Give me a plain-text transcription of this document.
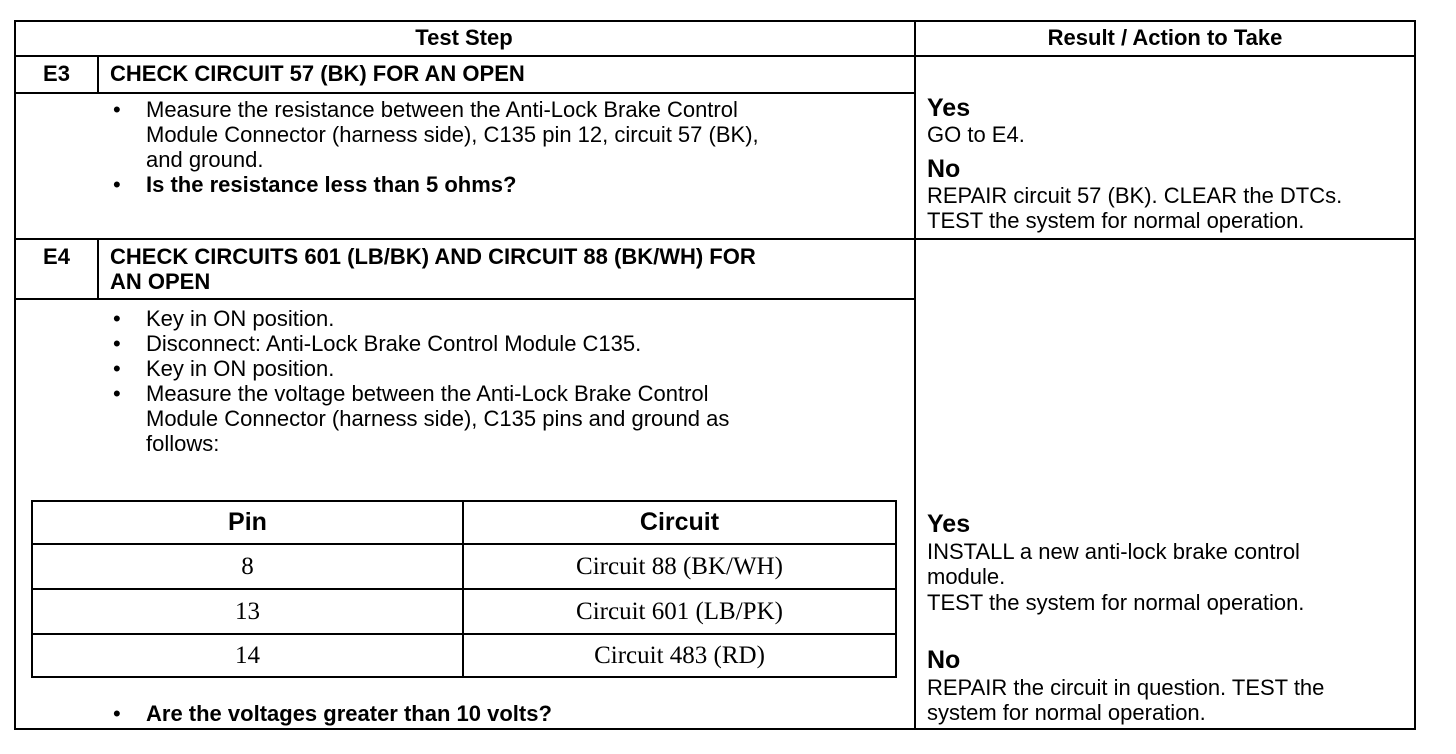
Test Step	Result / Action to Take
E3	CHECK CIRCUIT 57 (BK) FOR AN OPEN
• Measure the resistance between the Anti-Lock Brake Control
Module Connector (harness side), C135 pin 12, circuit 57 (BK),
and ground.
• Is the resistance less than 5 ohms?
Yes
GO to E4.
No
REPAIR circuit 57 (BK). CLEAR the DTCs.
TEST the system for normal operation.
E4	CHECK CIRCUITS 601 (LB/BK) AND CIRCUIT 88 (BK/WH) FOR
AN OPEN
• Key in ON position.
• Disconnect: Anti-Lock Brake Control Module C135.
• Key in ON position.
• Measure the voltage between the Anti-Lock Brake Control
Module Connector (harness side), C135 pins and ground as
follows:
Pin	Circuit
8	Circuit 88 (BK/WH)
13	Circuit 601 (LB/PK)
14	Circuit 483 (RD)
• Are the voltages greater than 10 volts?
Yes
INSTALL a new anti-lock brake control
module.
TEST the system for normal operation.
No
REPAIR the circuit in question. TEST the
system for normal operation.
